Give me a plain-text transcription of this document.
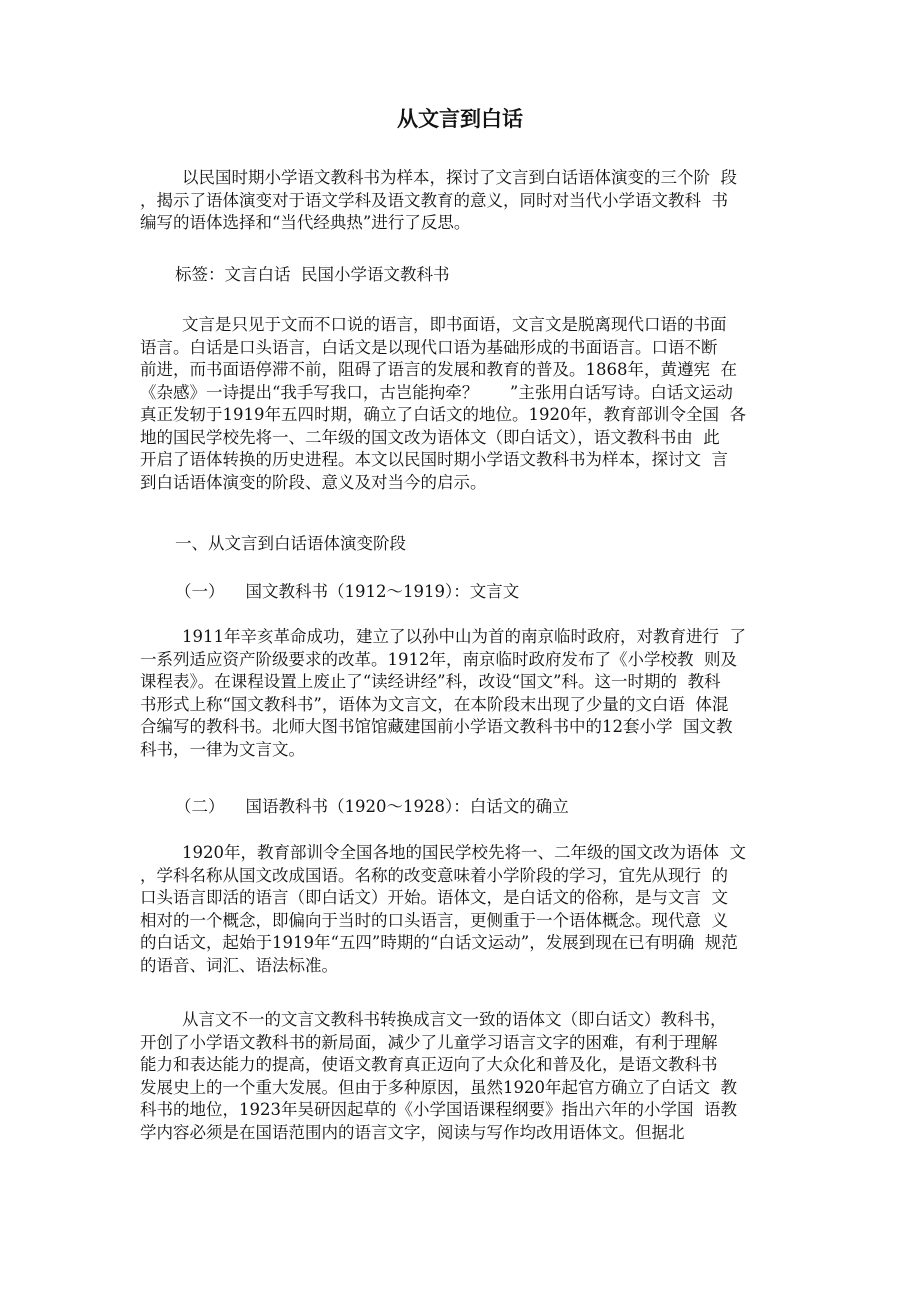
从文言到白话
以民国时期小学语文教科书为样本，探讨了文言到白话语体演变的三个阶  段
，揭示了语体演变对于语文学科及语文教育的意义，同时对当代小学语文教科  书
编写的语体选择和“当代经典热”进行了反思。
标签：文言白话  民国小学语文教科书
文言是只见于文而不口说的语言，即书面语，文言文是脱离现代口语的书面
语言。白话是口头语言，白话文是以现代口语为基础形成的书面语言。口语不断
前进，而书面语停滞不前，阻碍了语言的发展和教育的普及。1868年，黄遵宪  在
《杂感》一诗提出“我手写我口，古岂能拘牵？      ”主张用白话写诗。白话文运动
真正发轫于1919年五四时期，确立了白话文的地位。1920年，教育部训令全国  各
地的国民学校先将一、二年级的国文改为语体文（即白话文），语文教科书由  此
开启了语体转换的历史进程。本文以民国时期小学语文教科书为样本，探讨文  言
到白话语体演变的阶段、意义及对当今的启示。
一、从文言到白话语体演变阶段
（一）    国文教科书（1912～1919）：文言文
1911年辛亥革命成功，建立了以孙中山为首的南京临时政府，对教育进行  了
一系列适应资产阶级要求的改革。1912年，南京临时政府发布了《小学校教  则及
课程表》。在课程设置上废止了“读经讲经”科，改设“国文”科。这一时期的  教科
书形式上称“国文教科书”，语体为文言文，在本阶段末出现了少量的文白语  体混
合编写的教科书。北师大图书馆馆藏建国前小学语文教科书中的12套小学  国文教
科书，一律为文言文。
（二）    国语教科书（1920～1928）：白话文的确立
1920年，教育部训令全国各地的国民学校先将一、二年级的国文改为语体  文
，学科名称从国文改成国语。名称的改变意味着小学阶段的学习，宜先从现行  的
口头语言即活的语言（即白话文）开始。语体文，是白话文的俗称，是与文言  文
相对的一个概念，即偏向于当时的口头语言，更侧重于一个语体概念。现代意  义
的白话文，起始于1919年“五四”時期的“白话文运动”，发展到现在已有明确  规范
的语音、词汇、语法标准。
从言文不一的文言文教科书转换成言文一致的语体文（即白话文）教科书，
开创了小学语文教科书的新局面，减少了儿童学习语言文字的困难，有利于理解
能力和表达能力的提高，使语文教育真正迈向了大众化和普及化，是语文教科书
发展史上的一个重大发展。但由于多种原因，虽然1920年起官方确立了白话文  教
科书的地位，1923年吴研因起草的《小学国语课程纲要》指出六年的小学国  语教
学内容必须是在国语范围内的语言文字，阅读与写作均改用语体文。但据北
